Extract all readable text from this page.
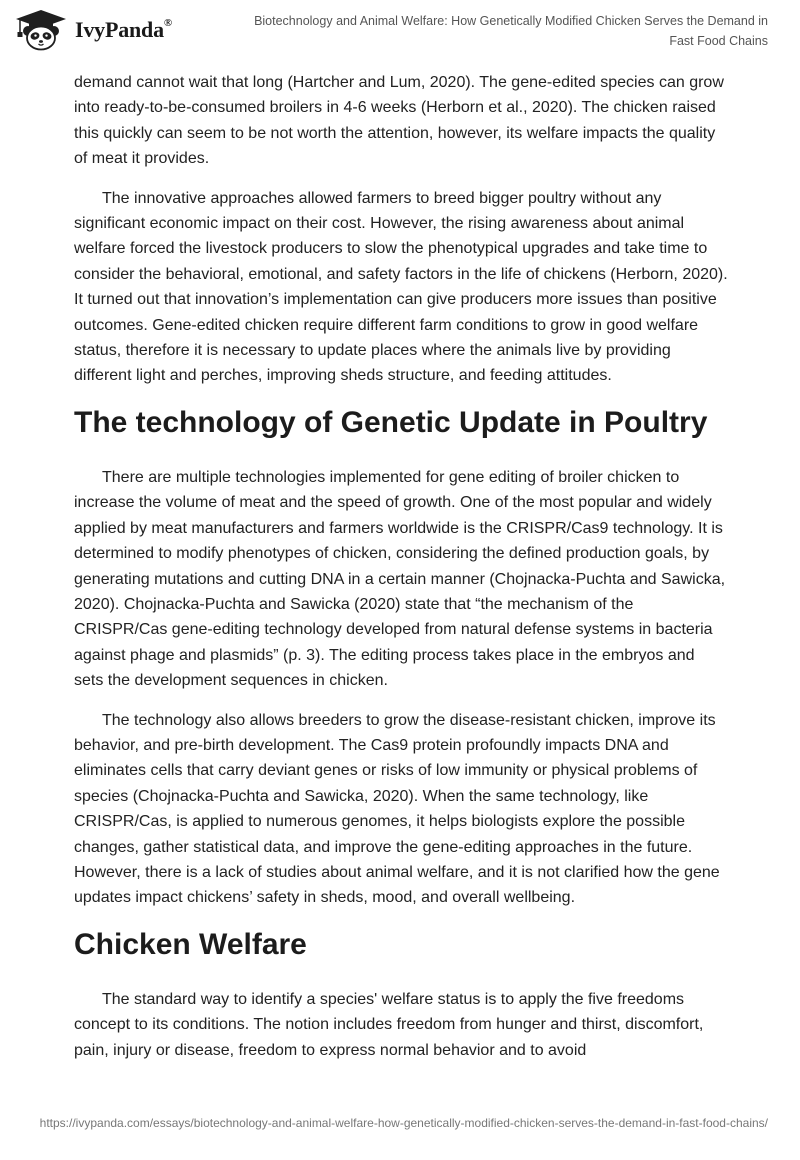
IvyPanda®	Biotechnology and Animal Welfare: How Genetically Modified Chicken Serves the Demand in Fast Food Chains

demand cannot wait that long (Hartcher and Lum, 2020). The gene-edited species can grow into ready-to-be-consumed broilers in 4-6 weeks (Herborn et al., 2020). The chicken raised this quickly can seem to be not worth the attention, however, its welfare impacts the quality of meat it provides.

The innovative approaches allowed farmers to breed bigger poultry without any significant economic impact on their cost. However, the rising awareness about animal welfare forced the livestock producers to slow the phenotypical upgrades and take time to consider the behavioral, emotional, and safety factors in the life of chickens (Herborn, 2020). It turned out that innovation’s implementation can give producers more issues than positive outcomes. Gene-edited chicken require different farm conditions to grow in good welfare status, therefore it is necessary to update places where the animals live by providing different light and perches, improving sheds structure, and feeding attitudes.

The technology of Genetic Update in Poultry

There are multiple technologies implemented for gene editing of broiler chicken to increase the volume of meat and the speed of growth. One of the most popular and widely applied by meat manufacturers and farmers worldwide is the CRISPR/Cas9 technology. It is determined to modify phenotypes of chicken, considering the defined production goals, by generating mutations and cutting DNA in a certain manner (Chojnacka-Puchta and Sawicka, 2020). Chojnacka-Puchta and Sawicka (2020) state that “the mechanism of the CRISPR/Cas gene-editing technology developed from natural defense systems in bacteria against phage and plasmids” (p. 3). The editing process takes place in the embryos and sets the development sequences in chicken.

The technology also allows breeders to grow the disease-resistant chicken, improve its behavior, and pre-birth development. The Cas9 protein profoundly impacts DNA and eliminates cells that carry deviant genes or risks of low immunity or physical problems of species (Chojnacka-Puchta and Sawicka, 2020). When the same technology, like CRISPR/Cas, is applied to numerous genomes, it helps biologists explore the possible changes, gather statistical data, and improve the gene-editing approaches in the future. However, there is a lack of studies about animal welfare, and it is not clarified how the gene updates impact chickens’ safety in sheds, mood, and overall wellbeing.

Chicken Welfare

The standard way to identify a species' welfare status is to apply the five freedoms concept to its conditions. The notion includes freedom from hunger and thirst, discomfort, pain, injury or disease, freedom to express normal behavior and to avoid

https://ivypanda.com/essays/biotechnology-and-animal-welfare-how-genetically-modified-chicken-serves-the-demand-in-fast-food-chains/
